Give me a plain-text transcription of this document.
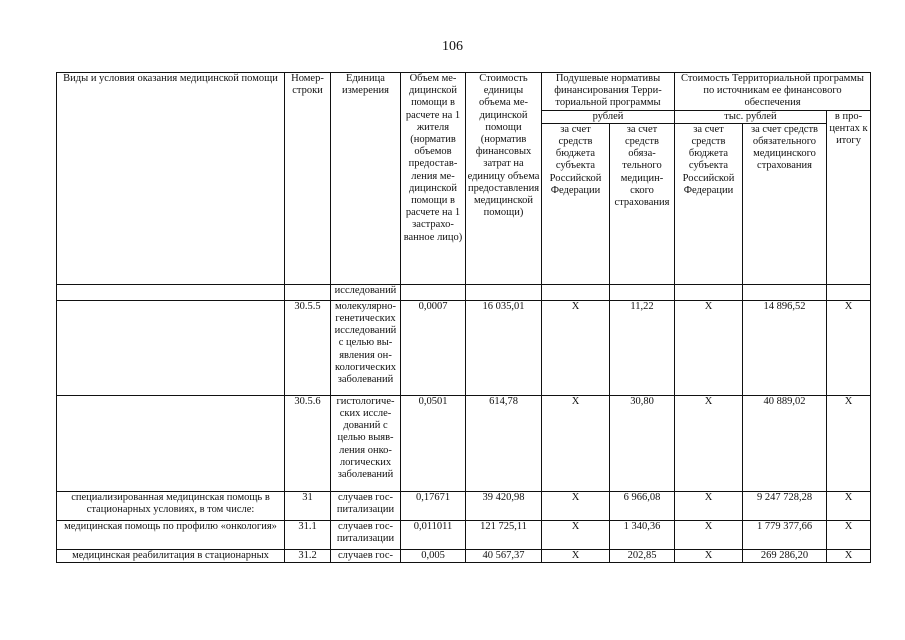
106
Виды и условия оказания медицинской помощи	Номерстроки	Единица измерения	Объем медицинской помощи в расчете на 1 жителя (норматив объемов предоставления медицинской помощи в расчете на 1 застрахованное лицо)	Стоимость единицы объема медицинской помощи (норматив финансовых затрат на единицу объема предоставления медицинской помощи)	Подушевые нормативы финансирования Территориальной программы		Стоимость Территориальной программы по источникам ее финансового обеспечения		
					рублей		тыс. рублей		в процентах к итогу
					за счет средств бюджета субъекта Российской Федерации	за счет средств обязательного медицинского страхования	за счет средств бюджета субъекта Российской Федерации	за счет средств обязательного медицинского страхования	
		исследований							
	30.5.5	молекулярно-генетических исследований с целью выявления онкологических заболеваний	0,0007	16 035,01	X	11,22	X	14 896,52	X
	30.5.6	гистологических исследований с целью выявления онкологических заболеваний	0,0501	614,78	X	30,80	X	40 889,02	X
специализированная медицинская помощь в стационарных условиях, в том числе:	31	случаев госпитализации	0,17671	39 420,98	X	6 966,08	X	9 247 728,28	X
медицинская помощь по профилю «онкология»	31.1	случаев госпитализации	0,011011	121 725,11	X	1 340,36	X	1 779 377,66	X
медицинская реабилитация в стационарных	31.2	случаев гос-	0,005	40 567,37	X	202,85	X	269 286,20	X
